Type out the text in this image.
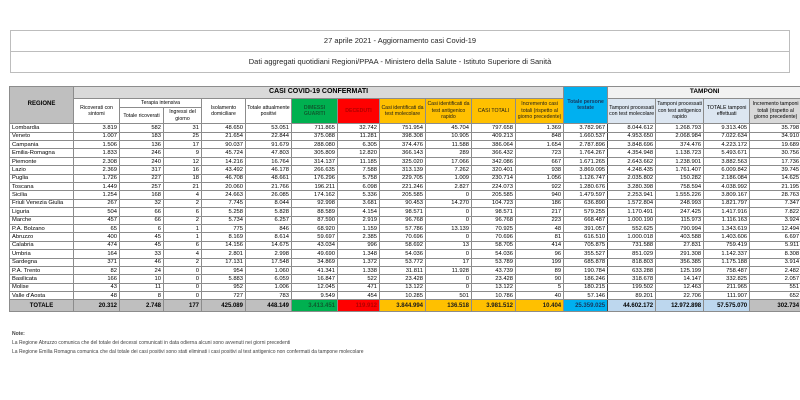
27 aprile 2021 - Aggiornamento casi Covid-19
Dati aggregati quotidiani Regioni/PPAA - Ministero della Salute - Istituto Superiore di Sanità
REGIONE	CASI COVID-19 CONFERMATI											Totale persone testate	TAMPONI			
	Ricoverati con sintomi	Terapia intensiva		Isolamento domiciliare	Totale attualmente positivi	DIMESSI GUARITI	DECEDUTI	Casi identificati da test molecolare	Casi identificati da test antigenico rapido	CASI TOTALI	Incremento casi totali (rispetto al giorno precedente)		Tamponi processati con test molecolare	Tamponi processati con test antigenico rapido	TOTALE tamponi effettuati	Incremento tamponi totali (rispetto al giorno precedente)
		Totale ricoverati	Ingressi del giorno													
Lombardia	3.819	582	31	48.650	53.051	711.865	32.742	751.954	45.704	797.658	1.369	3.782.967	8.044.612	1.268.793	9.313.405	35.798
Veneto	1.007	183	25	21.654	22.844	375.088	11.281	398.308	10.905	409.213	848	1.660.537	4.953.650	2.068.984	7.022.634	34.910
Campania	1.506	136	17	90.037	91.679	288.080	6.305	374.476	11.588	386.064	1.654	2.787.896	3.848.696	374.476	4.223.172	19.689
Emilia-Romagna	1.833	246	9	45.724	47.803	305.809	12.820	366.143	289	366.432	723	1.764.267	4.354.948	1.138.723	5.493.671	30.756
Piemonte	2.308	240	12	14.216	16.764	314.137	11.185	325.020	17.066	342.086	667	1.671.265	2.643.662	1.238.901	3.882.563	17.736
Lazio	2.369	317	16	43.492	46.178	266.635	7.588	313.139	7.262	320.401	938	3.869.095	4.248.435	1.761.407	6.009.842	39.745
Puglia	1.726	227	18	46.708	48.661	176.296	5.758	229.705	1.009	230.714	1.056	1.126.747	2.035.802	150.282	2.186.084	14.625
Toscana	1.449	257	21	20.060	21.766	196.211	6.098	221.246	2.827	224.073	922	1.280.676	3.280.398	758.594	4.038.992	21.195
Sicilia	1.254	168	4	24.663	26.085	174.162	5.336	205.585	0	205.585	940	1.479.597	2.253.941	1.555.226	3.809.167	28.763
Friuli Venezia Giulia	267	32	2	7.745	8.044	92.998	3.681	90.453	14.270	104.723	186	636.890	1.572.804	248.993	1.821.797	7.347
Liguria	504	66	6	5.258	5.828	88.589	4.154	98.571	0	98.571	217	579.255	1.170.491	247.425	1.417.916	7.822
Marche	457	66	2	5.734	6.257	87.590	2.919	96.768	0	96.768	223	668.487	1.000.190	115.973	1.116.163	3.924
P.A. Bolzano	65	6	1	775	846	68.920	1.159	57.786	13.139	70.925	48	391.057	552.625	790.994	1.343.619	12.494
Abruzzo	400	45	1	8.169	8.614	59.697	2.385	70.696	0	70.696	81	616.510	1.000.018	403.588	1.403.606	6.697
Calabria	474	45	6	14.156	14.675	43.034	996	58.692	13	58.705	414	705.875	731.588	27.831	759.419	5.911
Umbria	164	33	4	2.801	2.998	49.690	1.348	54.036	0	54.036	96	355.527	851.029	291.308	1.142.337	8.308
Sardegna	371	46	2	17.131	17.548	34.869	1.372	53.772	17	53.789	199	685.878	818.803	356.385	1.175.188	3.914
P.A. Trento	82	24	0	954	1.060	41.341	1.338	31.811	11.928	43.739	89	190.784	633.288	125.199	758.487	2.482
Basilicata	166	10	0	5.883	6.059	16.847	522	23.428	0	23.428	90	186.246	318.678	14.147	332.825	2.057
Molise	43	11	0	952	1.006	12.045	471	13.122	0	13.122	5	180.215	199.502	12.463	211.965	551
Valle d'Aosta	48	8	0	727	783	9.549	454	10.285	501	10.786	40	57.146	89.201	22.706	111.907	652
TOTALE	20.312	2.748	177	425.089	448.149	3.413.451	119.912	3.844.994	136.518	3.981.512	10.404	25.359.025	44.602.172	12.972.898	57.575.070	302.734
Note:
La Regione Abruzzo comunica che del totale dei decessi comunicati in data odierna alcuni sono avvenuti nei giorni precedenti
La Regione Emilia Romagna comunica che dal totale dei casi positivi sono stati eliminati i casi positivi al test antigenico non confermati da tampone molecolare
